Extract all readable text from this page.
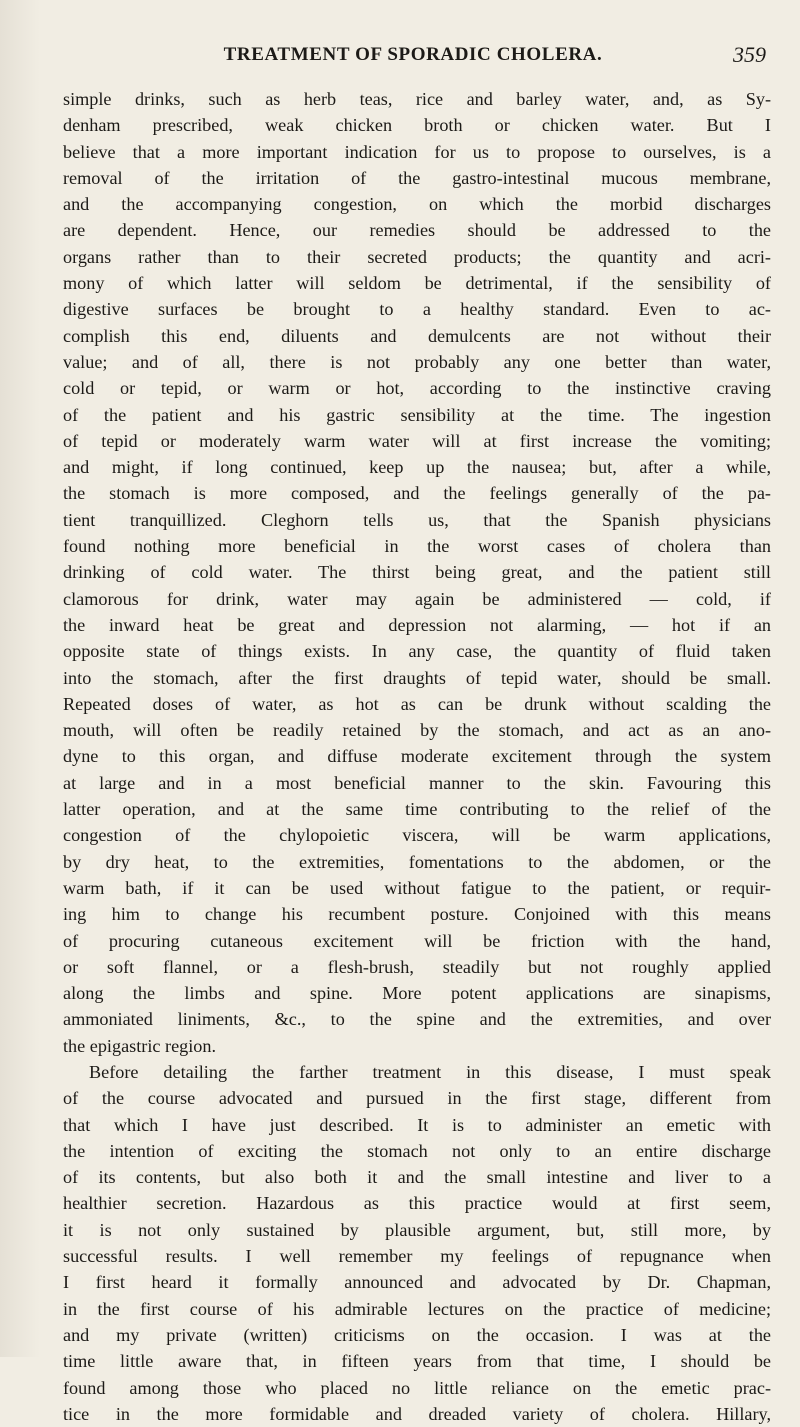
TREATMENT OF SPORADIC CHOLERA.	359
simple drinks, such as herb teas, rice and barley water, and, as Sy-
denham prescribed, weak chicken broth or chicken water. But I
believe that a more important indication for us to propose to ourselves, is a
removal of the irritation of the gastro-intestinal mucous membrane,
and the accompanying congestion, on which the morbid discharges
are dependent. Hence, our remedies should be addressed to the
organs rather than to their secreted products; the quantity and acri-
mony of which latter will seldom be detrimental, if the sensibility of
digestive surfaces be brought to a healthy standard. Even to ac-
complish this end, diluents and demulcents are not without their
value; and of all, there is not probably any one better than water,
cold or tepid, or warm or hot, according to the instinctive craving
of the patient and his gastric sensibility at the time. The ingestion
of tepid or moderately warm water will at first increase the vomiting;
and might, if long continued, keep up the nausea; but, after a while,
the stomach is more composed, and the feelings generally of the pa-
tient tranquillized. Cleghorn tells us, that the Spanish physicians
found nothing more beneficial in the worst cases of cholera than
drinking of cold water. The thirst being great, and the patient still
clamorous for drink, water may again be administered — cold, if
the inward heat be great and depression not alarming, — hot if an
opposite state of things exists. In any case, the quantity of fluid taken
into the stomach, after the first draughts of tepid water, should be small.
Repeated doses of water, as hot as can be drunk without scalding the
mouth, will often be readily retained by the stomach, and act as an ano-
dyne to this organ, and diffuse moderate excitement through the system
at large and in a most beneficial manner to the skin. Favouring this
latter operation, and at the same time contributing to the relief of the
congestion of the chylopoietic viscera, will be warm applications,
by dry heat, to the extremities, fomentations to the abdomen, or the
warm bath, if it can be used without fatigue to the patient, or requir-
ing him to change his recumbent posture. Conjoined with this means
of procuring cutaneous excitement will be friction with the hand,
or soft flannel, or a flesh-brush, steadily but not roughly applied
along the limbs and spine. More potent applications are sinapisms,
ammoniated liniments, &c., to the spine and the extremities, and over
the epigastric region.
Before detailing the farther treatment in this disease, I must speak
of the course advocated and pursued in the first stage, different from
that which I have just described. It is to administer an emetic with
the intention of exciting the stomach not only to an entire discharge
of its contents, but also both it and the small intestine and liver to a
healthier secretion. Hazardous as this practice would at first seem,
it is not only sustained by plausible argument, but, still more, by
successful results. I well remember my feelings of repugnance when
I first heard it formally announced and advocated by Dr. Chapman,
in the first course of his admirable lectures on the practice of medicine;
and my private (written) criticisms on the occasion. I was at the
time little aware that, in fifteen years from that time, I should be
found among those who placed no little reliance on the emetic prac-
tice in the more formidable and dreaded variety of cholera. Hillary,
